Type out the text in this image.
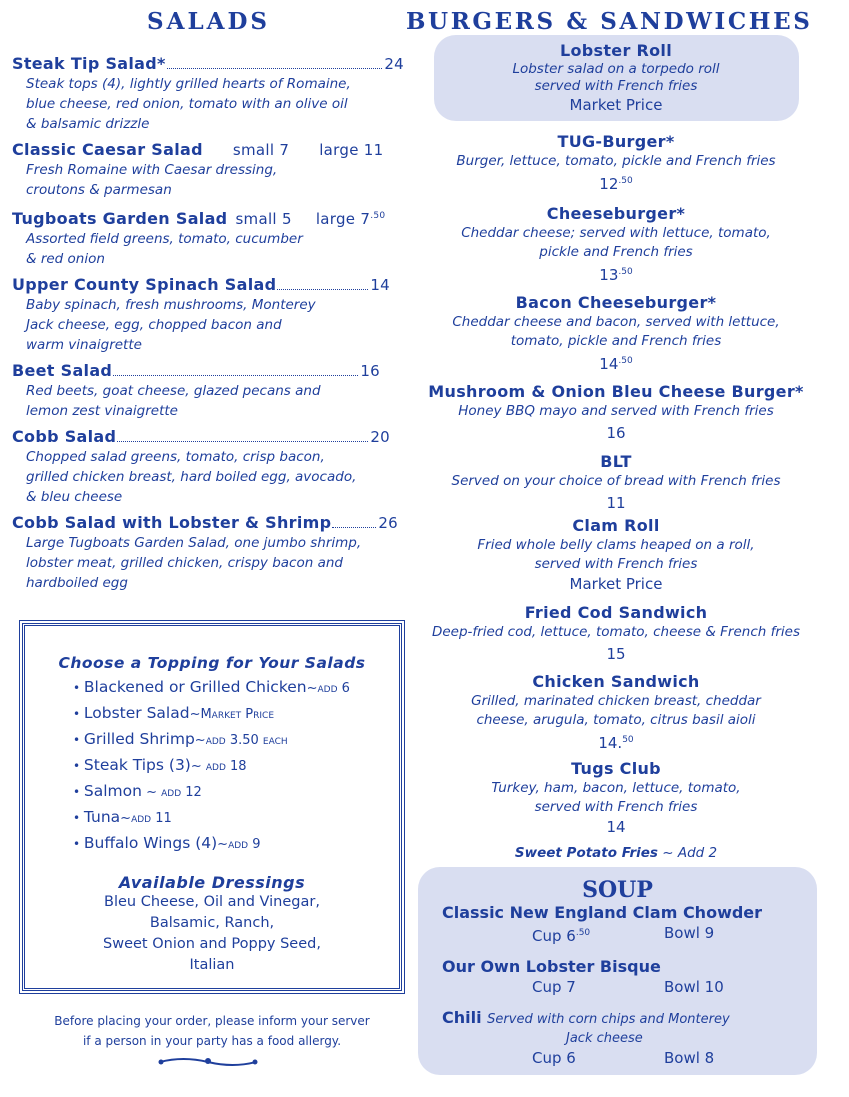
SALADS	BURGERS & SANDWICHES
Steak Tip Salad*	24
Steak tops (4), lightly grilled hearts of Romaine,
blue cheese, red onion, tomato with an olive oil
& balsamic drizzle
Classic Caesar Salad small 7 large 11
Fresh Romaine with Caesar dressing,
croutons & parmesan
Tugboats Garden Salad small 5 large $7^{.50}$
Assorted field greens, tomato, cucumber
& red onion
Upper County Spinach Salad	14
Baby spinach, fresh mushrooms, Monterey
Jack cheese, egg, chopped bacon and
warm vinaigrette
Beet Salad	16
Red beets, goat cheese, glazed pecans and
lemon zest vinaigrette
Cobb Salad	20
Chopped salad greens, tomato, crisp bacon,
grilled chicken breast, hard boiled egg, avocado,
& bleu cheese
Cobb Salad with Lobster & Shrimp	26
Large Tugboats Garden Salad, one jumbo shrimp,
lobster meat, grilled chicken, crispy bacon and
hardboiled egg
Choose a Topping for Your Salads
• Blackened or Grilled Chicken~add 6
• Lobster Salad~Market Price
• Grilled Shrimp~add 3.50 each
• Steak Tips (3)~ add 18
• Salmon ~ add 12
• Tuna~add 11
• Buffalo Wings (4)~add 9
Available Dressings
Bleu Cheese, Oil and Vinegar,
Balsamic, Ranch,
Sweet Onion and Poppy Seed,
Italian
Before placing your order, please inform your server
if a person in your party has a food allergy.
Lobster Roll
Lobster salad on a torpedo roll
served with French fries
Market Price
TUG-Burger*
Burger, lettuce, tomato, pickle and French fries
$12^{.50}$
Cheeseburger*
Cheddar cheese; served with lettuce, tomato,
pickle and French fries
$13^{.50}$
Bacon Cheeseburger*
Cheddar cheese and bacon, served with lettuce,
tomato, pickle and French fries
$14^{.50}$
Mushroom & Onion Bleu Cheese Burger*
Honey BBQ mayo and served with French fries
16
BLT
Served on your choice of bread with French fries
11
Clam Roll
Fried whole belly clams heaped on a roll,
served with French fries
Market Price
Fried Cod Sandwich
Deep-fried cod, lettuce, tomato, cheese & French fries
15
Chicken Sandwich
Grilled, marinated chicken breast, cheddar
cheese, arugula, tomato, citrus basil aioli
14.50
Tugs Club
Turkey, ham, bacon, lettuce, tomato,
served with French fries
14
Sweet Potato Fries ~ Add 2
SOUP
Classic New England Clam Chowder
Cup $6^{.50}$	Bowl 9
Our Own Lobster Bisque
Cup 7	Bowl 10
Chili Served with corn chips and Monterey
Jack cheese
Cup 6	Bowl 8
